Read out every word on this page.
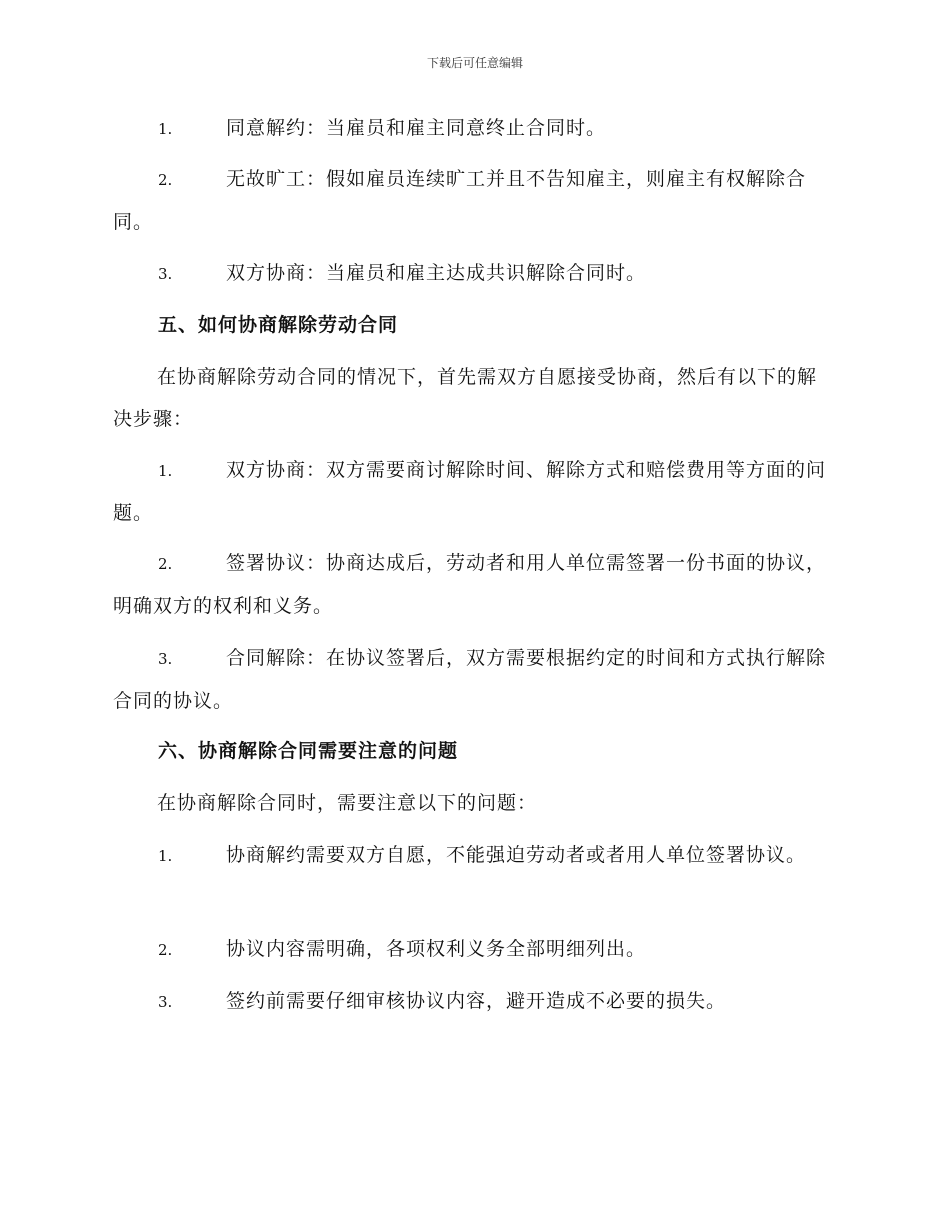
下载后可任意编辑
1.	同意解约：当雇员和雇主同意终止合同时。
2.	无故旷工：假如雇员连续旷工并且不告知雇主，则雇主有权解除合同。
3.	双方协商：当雇员和雇主达成共识解除合同时。
五、如何协商解除劳动合同
在协商解除劳动合同的情况下，首先需双方自愿接受协商，然后有以下的解决步骤：
1.	双方协商：双方需要商讨解除时间、解除方式和赔偿费用等方面的问题。
2.	签署协议：协商达成后，劳动者和用人单位需签署一份书面的协议，明确双方的权利和义务。
3.	合同解除：在协议签署后，双方需要根据约定的时间和方式执行解除合同的协议。
六、协商解除合同需要注意的问题
在协商解除合同时，需要注意以下的问题：
1.	协商解约需要双方自愿，不能强迫劳动者或者用人单位签署协议。
2.	协议内容需明确，各项权利义务全部明细列出。
3.	签约前需要仔细审核协议内容，避开造成不必要的损失。
